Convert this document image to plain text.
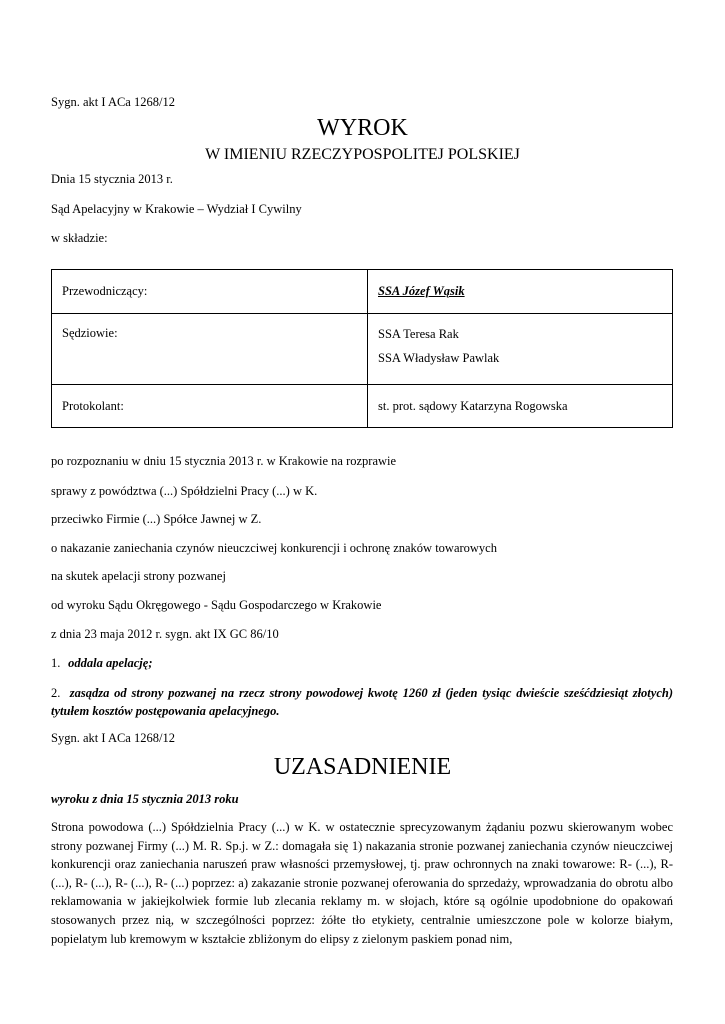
Sygn. akt I ACa 1268/12
WYROK
W IMIENIU RZECZYPOSPOLITEJ POLSKIEJ
Dnia 15 stycznia 2013 r.
Sąd Apelacyjny w Krakowie – Wydział I Cywilny
w składzie:
Przewodniczący:	SSA Józef Wąsik
Sędziowie:	SSA Teresa Rak
SSA Władysław Pawlak

Protokolant:	st. prot. sądowy Katarzyna Rogowska
po rozpoznaniu w dniu 15 stycznia 2013 r. w Krakowie na rozprawie
sprawy z powództwa (...) Spółdzielni Pracy (...) w K.
przeciwko Firmie (...) Spółce Jawnej w Z.
o nakazanie zaniechania czynów nieuczciwej konkurencji i ochronę znaków towarowych
na skutek apelacji strony pozwanej
od wyroku Sądu Okręgowego - Sądu Gospodarczego w Krakowie
z dnia 23 maja 2012 r. sygn. akt IX GC 86/10
1. oddala apelację;
2. zasądza od strony pozwanej na rzecz strony powodowej kwotę 1260 zł (jeden tysiąc dwieście sześćdziesiąt złotych) tytułem kosztów postępowania apelacyjnego.
Sygn. akt I ACa 1268/12
UZASADNIENIE
wyroku z dnia 15 stycznia 2013 roku
Strona powodowa (...) Spółdzielnia Pracy (...) w K. w ostatecznie sprecyzowanym żądaniu pozwu skierowanym wobec strony pozwanej Firmy (...) M. R. Sp.j. w Z.: domagała się 1) nakazania stronie pozwanej zaniechania czynów nieuczciwej konkurencji oraz zaniechania naruszeń praw własności przemysłowej, tj. praw ochronnych na znaki towarowe: R- (...), R- (...), R- (...), R- (...), R- (...) poprzez: a) zakazanie stronie pozwanej oferowania do sprzedaży, wprowadzania do obrotu albo reklamowania w jakiejkolwiek formie lub zlecania reklamy m. w słojach, które są ogólnie upodobnione do opakowań stosowanych przez nią, w szczególności poprzez: żółte tło etykiety, centralnie umieszczone pole w kolorze białym, popielatym lub kremowym w kształcie zbliżonym do elipsy z zielonym paskiem ponad nim,
